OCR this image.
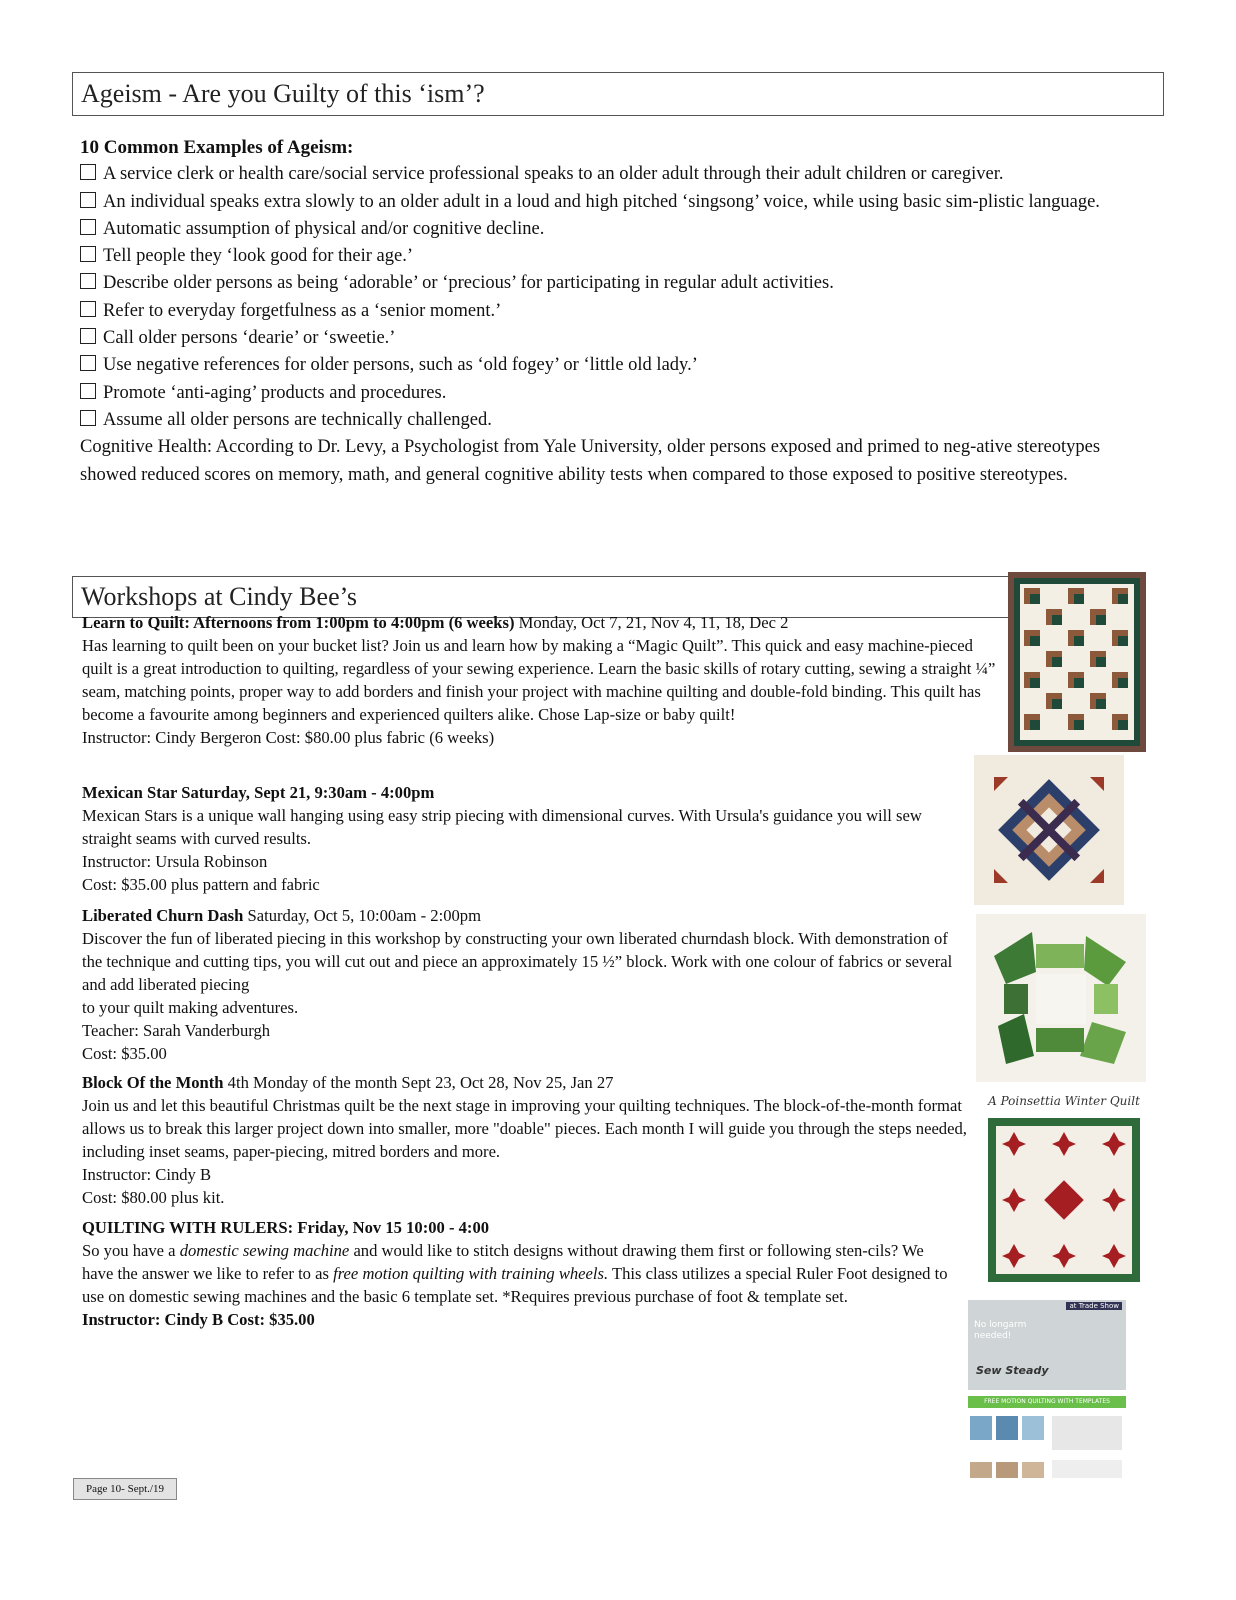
Ageism - Are you Guilty of this ‘ism’?
10 Common Examples of Ageism:
A service clerk or health care/social service professional speaks to an older adult through their adult children or caregiver.
An individual speaks extra slowly to an older adult in a loud and high pitched ‘singsong’ voice, while using basic sim-plistic language.
Automatic assumption of physical and/or cognitive decline.
Tell people they ‘look good for their age.’
Describe older persons as being ‘adorable’ or ‘precious’ for participating in regular adult activities.
Refer to everyday forgetfulness as a ‘senior moment.’
Call older persons ‘dearie’ or ‘sweetie.’
Use negative references for older persons, such as ‘old fogey’ or ‘little old lady.’
Promote ‘anti-aging’ products and procedures.
Assume all older persons are technically challenged.
Cognitive Health: According to Dr. Levy, a Psychologist from Yale University, older persons exposed and primed to neg-ative stereotypes showed reduced scores on memory, math, and general cognitive ability tests when compared to those exposed to positive stereotypes.
Workshops at Cindy Bee’s

Learn to Quilt: Afternoons from 1:00pm to 4:00pm (6 weeks) Monday, Oct 7, 21, Nov 4, 11, 18, Dec 2

Has learning to quilt been on your bucket list? Join us and learn how by making a “Magic Quilt”. This quick and easy machine-pieced quilt is a great introduction to quilting, regardless of your sewing experience. Learn the basic skills of rotary cutting, sewing a straight ¼” seam, matching points, proper way to add borders and finish your project with machine quilting and double-fold binding. This quilt has become a favourite among beginners and experienced quilters alike. Chose Lap-size or baby quilt!

Instructor: Cindy Bergeron Cost: $80.00 plus fabric (6 weeks)

Mexican Star Saturday, Sept 21, 9:30am - 4:00pm

Mexican Stars is a unique wall hanging using easy strip piecing with dimensional curves. With Ursula's guidance you will sew straight seams with curved results.

Instructor: Ursula Robinson

Cost: $35.00 plus pattern and fabric

Liberated Churn Dash Saturday, Oct 5, 10:00am - 2:00pm

Discover the fun of liberated piecing in this workshop by constructing your own liberated churndash block. With demonstration of the technique and cutting tips, you will cut out and piece an approximately 15 ½” block. Work with one colour of fabrics or several and add liberated piecing

to your quilt making adventures.

Teacher: Sarah Vanderburgh

Cost: $35.00

Block Of the Month 4th Monday of the month Sept 23, Oct 28, Nov 25, Jan 27

Join us and let this beautiful Christmas quilt be the next stage in improving your quilting techniques. The block-of-the-month format allows us to break this larger project down into smaller, more "doable" pieces. Each month I will guide you through the steps needed, including inset seams, paper-piecing, mitred borders and more.

Instructor: Cindy B

Cost: $80.00 plus kit.

QUILTING WITH RULERS: Friday, Nov 15 10:00 - 4:00

So you have a domestic sewing machine and would like to stitch designs without drawing them first or following sten-cils? We have the answer we like to refer to as free motion quilting with training wheels. This class utilizes a special Ruler Foot designed to use on domestic sewing machines and the basic 6 template set. *Requires previous purchase of foot & template set.

Instructor: Cindy B Cost: $35.00

A Poinsettia Winter Quilt
at Trade Show
No longarm
needed!
Sew Steady
FREE MOTION QUILTING WITH TEMPLATES
Page 10- Sept./19
